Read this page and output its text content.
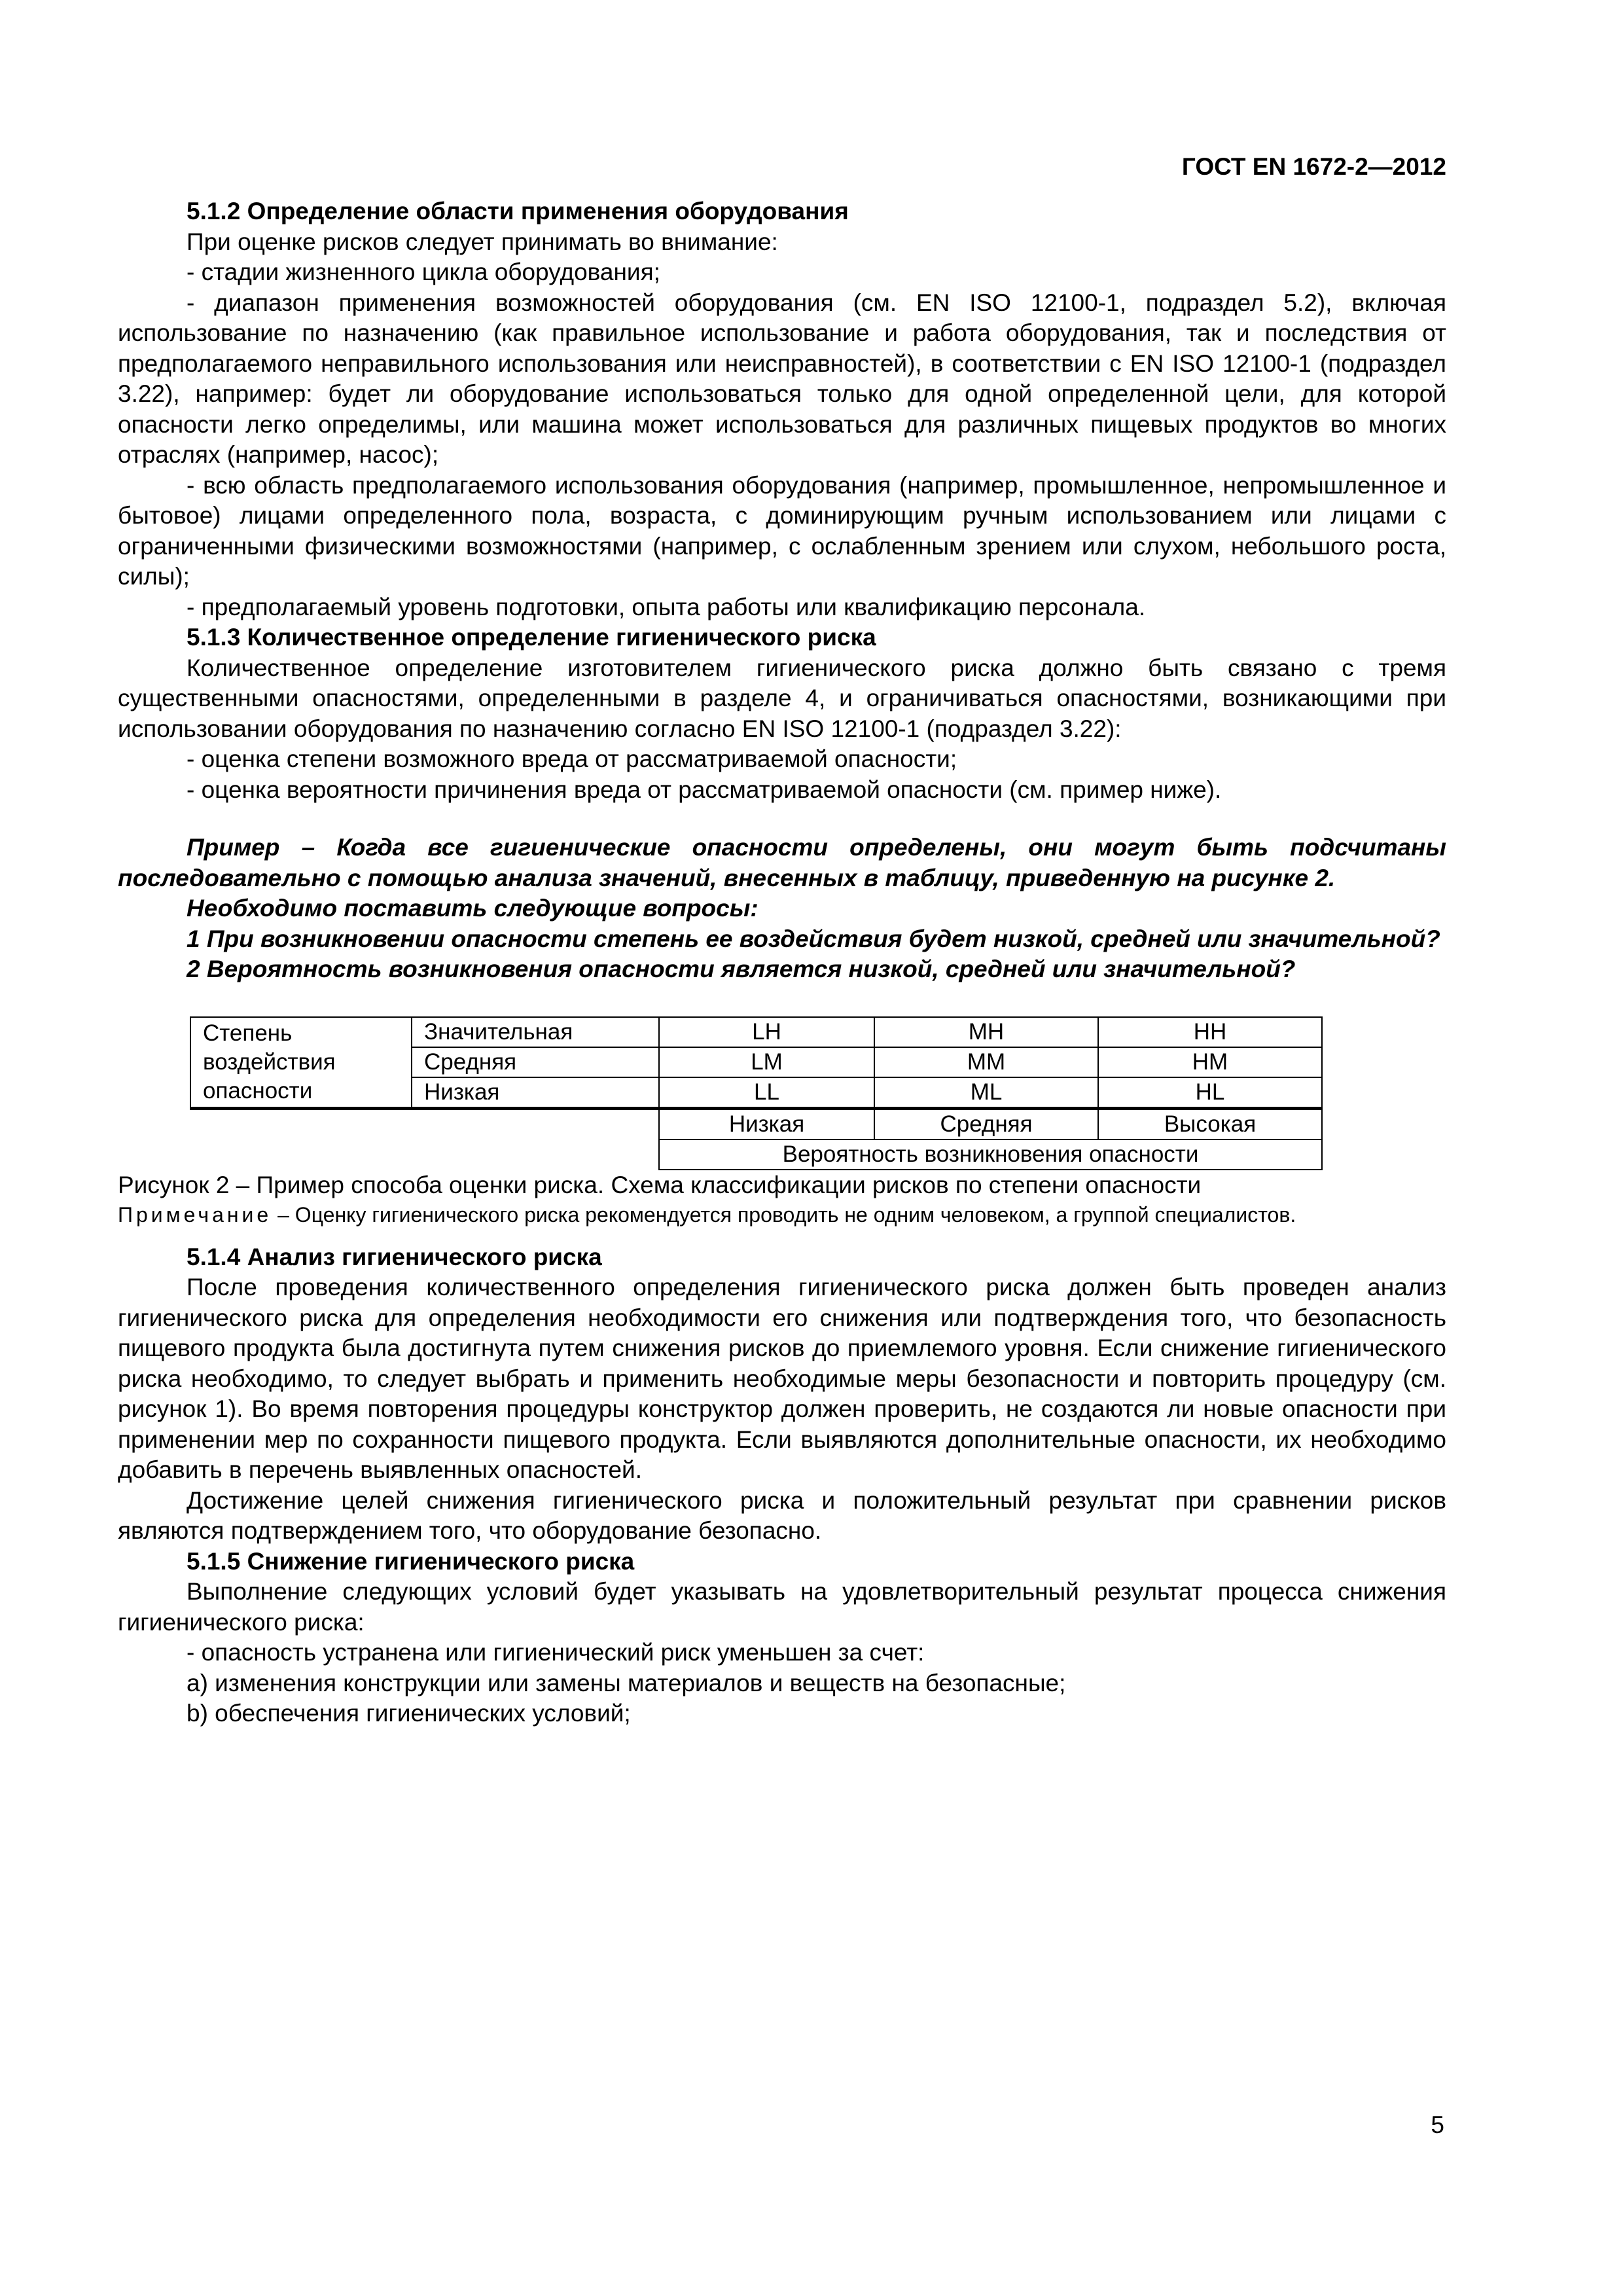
ГОСТ EN 1672-2—2012

5.1.2 Определение области применения оборудования

При оценке рисков следует принимать во внимание:

- стадии жизненного цикла оборудования;

- диапазон применения возможностей оборудования (см. EN ISO 12100-1, подраздел 5.2), включая использование по назначению (как правильное использование и работа оборудования, так и последствия от предполагаемого неправильного использования или неисправностей), в соответствии с EN ISO 12100-1 (подраздел 3.22), например: будет ли оборудование использоваться только для одной определенной цели, для которой опасности легко определимы, или машина может использоваться для различных пищевых продуктов во многих отраслях (например, насос);

- всю область предполагаемого использования оборудования (например, промышленное, непромышленное и бытовое) лицами определенного пола, возраста, с доминирующим ручным использованием или лицами с ограниченными физическими возможностями (например, с ослабленным зрением или слухом, небольшого роста, силы);

- предполагаемый уровень подготовки, опыта работы или квалификацию персонала.

5.1.3 Количественное определение гигиенического риска

Количественное определение изготовителем гигиенического риска должно быть связано с тремя существенными опасностями, определенными в разделе 4, и ограничиваться опасностями, возникающими при использовании оборудования по назначению согласно EN ISO 12100-1 (подраздел 3.22):

- оценка степени возможного вреда от рассматриваемой опасности;

- оценка вероятности причинения вреда от рассматриваемой опасности (см. пример ниже).

Пример – Когда все гигиенические опасности определены, они могут быть подсчитаны последовательно с помощью анализа значений, внесенных в таблицу, приведенную на рисунке 2.

Необходимо поставить следующие вопросы:

1 При возникновении опасности степень ее воздействия будет низкой, средней или значительной?

2 Вероятность возникновения опасности является низкой, средней или значительной?

Степень воздействия опасности	Значительная	LH	MH	HH
	Средняя	LM	MM	HM
	Низкая	LL	ML	HL
		Низкая	Средняя	Высокая
		Вероятность возникновения опасности		

Рисунок 2 – Пример способа оценки риска. Схема классификации рисков по степени опасности

Примечание – Оценку гигиенического риска рекомендуется проводить не одним человеком, а группой специалистов.

5.1.4 Анализ гигиенического риска

После проведения количественного определения гигиенического риска должен быть проведен анализ гигиенического риска для определения необходимости его снижения или подтверждения того, что безопасность пищевого продукта была достигнута путем снижения рисков до приемлемого уровня. Если снижение гигиенического риска необходимо, то следует выбрать и применить необходимые меры безопасности и повторить процедуру (см. рисунок 1). Во время повторения процедуры конструктор должен проверить, не создаются ли новые опасности при применении мер по сохранности пищевого продукта. Если выявляются дополнительные опасности, их необходимо добавить в перечень выявленных опасностей.

Достижение целей снижения гигиенического риска и положительный результат при сравнении рисков являются подтверждением того, что оборудование безопасно.

5.1.5 Снижение гигиенического риска

Выполнение следующих условий будет указывать на удовлетворительный результат процесса снижения гигиенического риска:

- опасность устранена или гигиенический риск уменьшен за счет:

a) изменения конструкции или замены материалов и веществ на безопасные;

b) обеспечения гигиенических условий;

5
